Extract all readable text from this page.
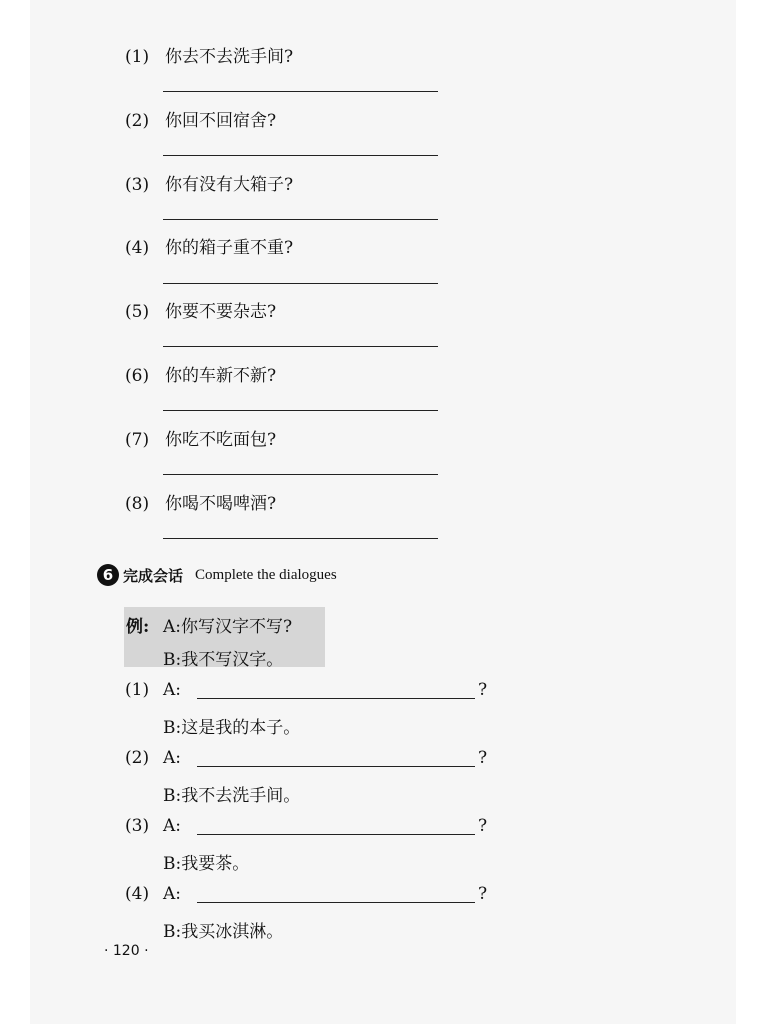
(1) 你去不去洗手间?
(2) 你回不回宿舍?
(3) 你有没有大箱子?
(4) 你的箱子重不重?
(5) 你要不要杂志?
(6) 你的车新不新?
(7) 你吃不吃面包?
(8) 你喝不喝啤酒?
6 完成会话 Complete the dialogues
例: A:你写汉字不写?
B:我不写汉字。
(1) A:	?
B:这是我的本子。
(2) A:	?
B:我不去洗手间。
(3) A:	?
B:我要茶。
(4) A:	?
B:我买冰淇淋。
· 120 ·
